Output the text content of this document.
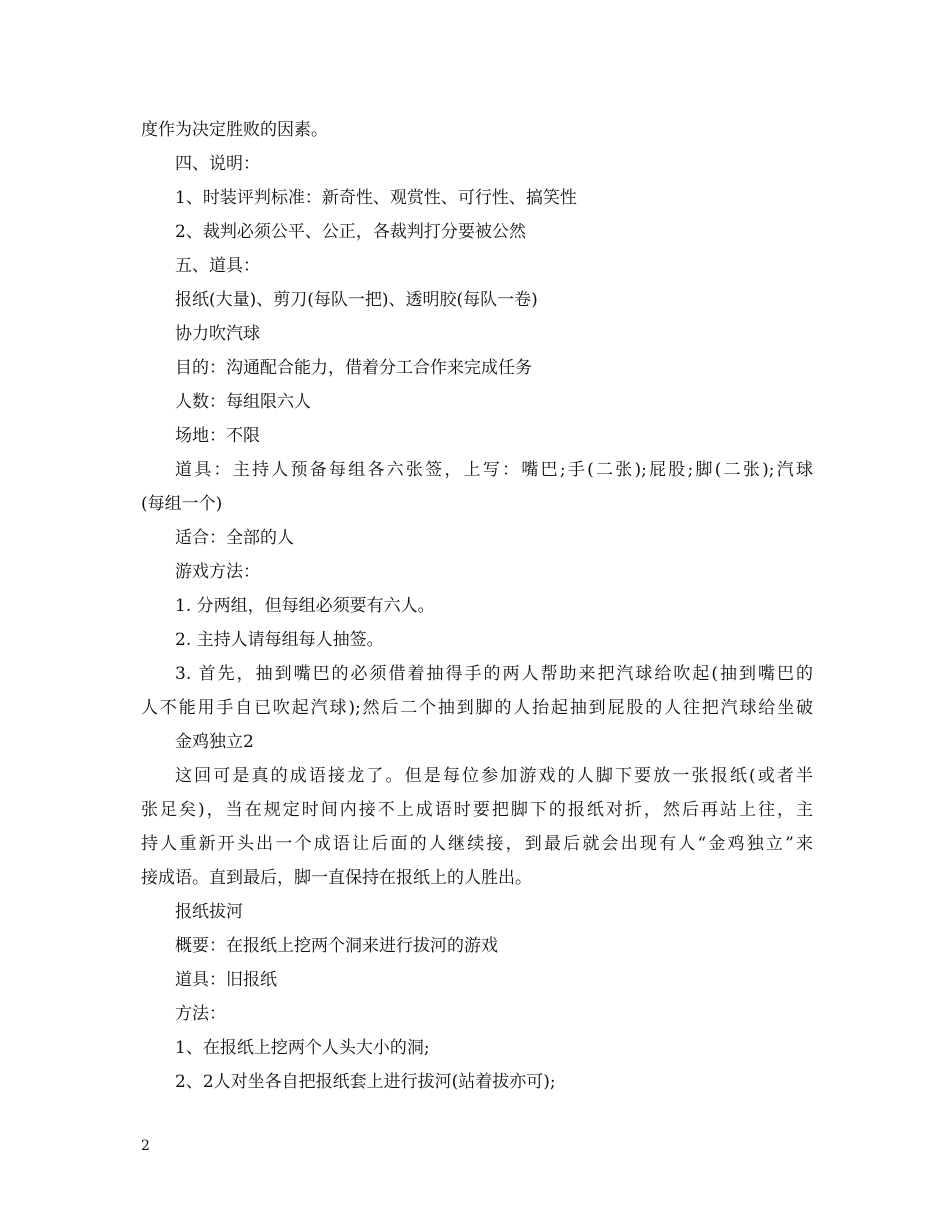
度作为决定胜败的因素。
四、说明：
1、时装评判标准：新奇性、观赏性、可行性、搞笑性
2、裁判必须公平、公正，各裁判打分要被公然
五、道具：
报纸(大量)、剪刀(每队一把)、透明胶(每队一卷)
协力吹汽球
目的：沟通配合能力，借着分工合作来完成任务
人数：每组限六人
场地：不限
道具：主持人预备每组各六张签，上写：嘴巴;手(二张);屁股;脚(二张);汽球
(每组一个)
适合：全部的人
游戏方法：
1. 分两组，但每组必须要有六人。
2. 主持人请每组每人抽签。
3. 首先，抽到嘴巴的必须借着抽得手的两人帮助来把汽球给吹起(抽到嘴巴的
人不能用手自已吹起汽球);然后二个抽到脚的人抬起抽到屁股的人往把汽球给坐破
金鸡独立2
这回可是真的成语接龙了。但是每位参加游戏的人脚下要放一张报纸(或者半
张足矣)，当在规定时间内接不上成语时要把脚下的报纸对折，然后再站上往，主
持人重新开头出一个成语让后面的人继续接，到最后就会出现有人“金鸡独立”来
接成语。直到最后，脚一直保持在报纸上的人胜出。
报纸拔河
概要：在报纸上挖两个洞来进行拔河的游戏
道具：旧报纸
方法：
1、在报纸上挖两个人头大小的洞;
2、2人对坐各自把报纸套上进行拔河(站着拔亦可);
2
